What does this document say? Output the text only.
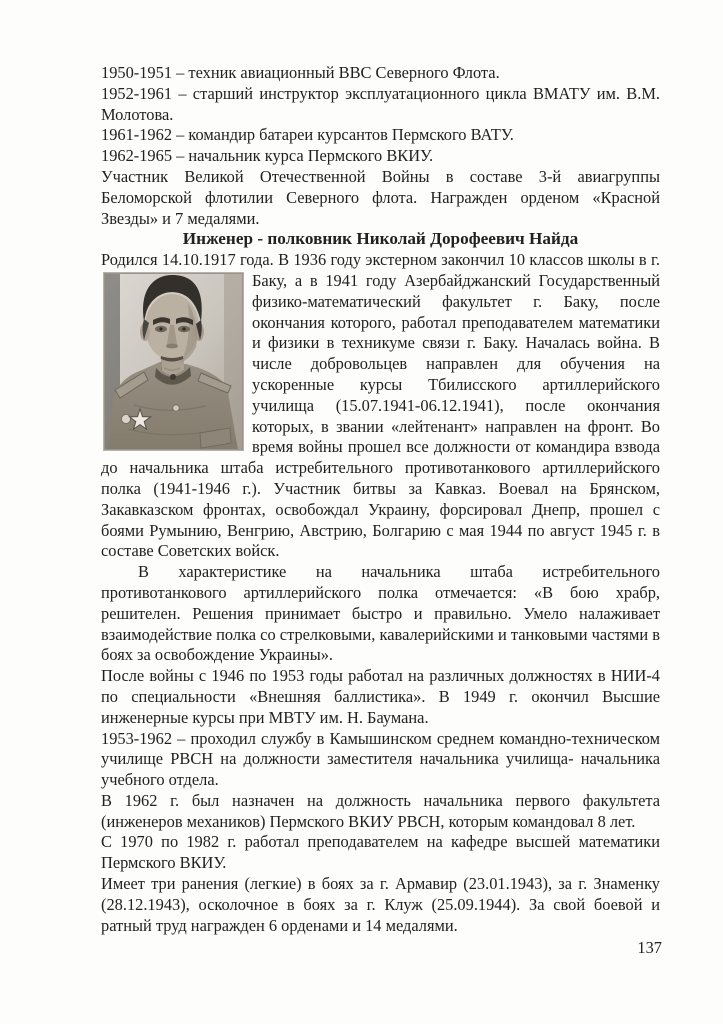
1950-1951 – техник авиационный ВВС Северного Флота.

1952-1961 – старший инструктор эксплуатационного цикла ВМАТУ им. В.М. Молотова.

1961-1962 – командир батареи курсантов Пермского ВАТУ.

1962-1965 – начальник курса Пермского ВКИУ.

Участник Великой Отечественной Войны в составе 3-й авиагруппы Беломорской флотилии Северного флота. Награжден орденом «Красной Звезды» и 7 медалями.

Инженер - полковник Николай Дорофеевич Найда

Родился 14.10.1917 года. В 1936 году экстерном закончил 10 классов школы в г.

Баку, а в 1941 году Азербайджанский Государственный физико-математический факультет г. Баку, после окончания которого, работал преподавателем математики и физики в техникуме связи г. Баку. Началась война. В числе добровольцев направлен для обучения на ускоренные курсы Тбилисского артиллерийского училища (15.07.1941-06.12.1941), после окончания которых, в звании «лейтенант» направлен на фронт. Во время войны прошел все должности от командира взвода до начальника штаба истребительного противотанкового артиллерийского полка (1941-1946 г.). Участник битвы за Кавказ. Воевал на Брянском, Закавказском фронтах, освобождал Украину, форсировал Днепр, прошел с боями Румынию, Венгрию, Австрию, Болгарию с мая 1944 по август 1945 г. в составе Советских войск.

В характеристике на начальника штаба истребительного противотанкового артиллерийского полка отмечается: «В бою храбр, решителен. Решения принимает быстро и правильно. Умело налаживает взаимодействие полка со стрелковыми, кавалерийскими и танковыми частями в боях за освобождение Украины».

После войны с 1946 по 1953 годы работал на различных должностях в НИИ-4 по специальности «Внешняя баллистика». В 1949 г. окончил Высшие инженерные курсы при МВТУ им. Н. Баумана.

1953-1962 – проходил службу в Камышинском среднем командно-техническом училище РВСН на должности заместителя начальника училища- начальника учебного отдела.

В 1962 г. был назначен на должность начальника первого факультета (инженеров механиков) Пермского ВКИУ РВСН, которым командовал 8 лет.

С 1970 по 1982 г. работал преподавателем на кафедре высшей математики Пермского ВКИУ.

Имеет три ранения (легкие) в боях за г. Армавир (23.01.1943), за г. Знаменку (28.12.1943), осколочное в боях за г. Клуж (25.09.1944). За свой боевой и ратный труд награжден 6 орденами и 14 медалями.

137
